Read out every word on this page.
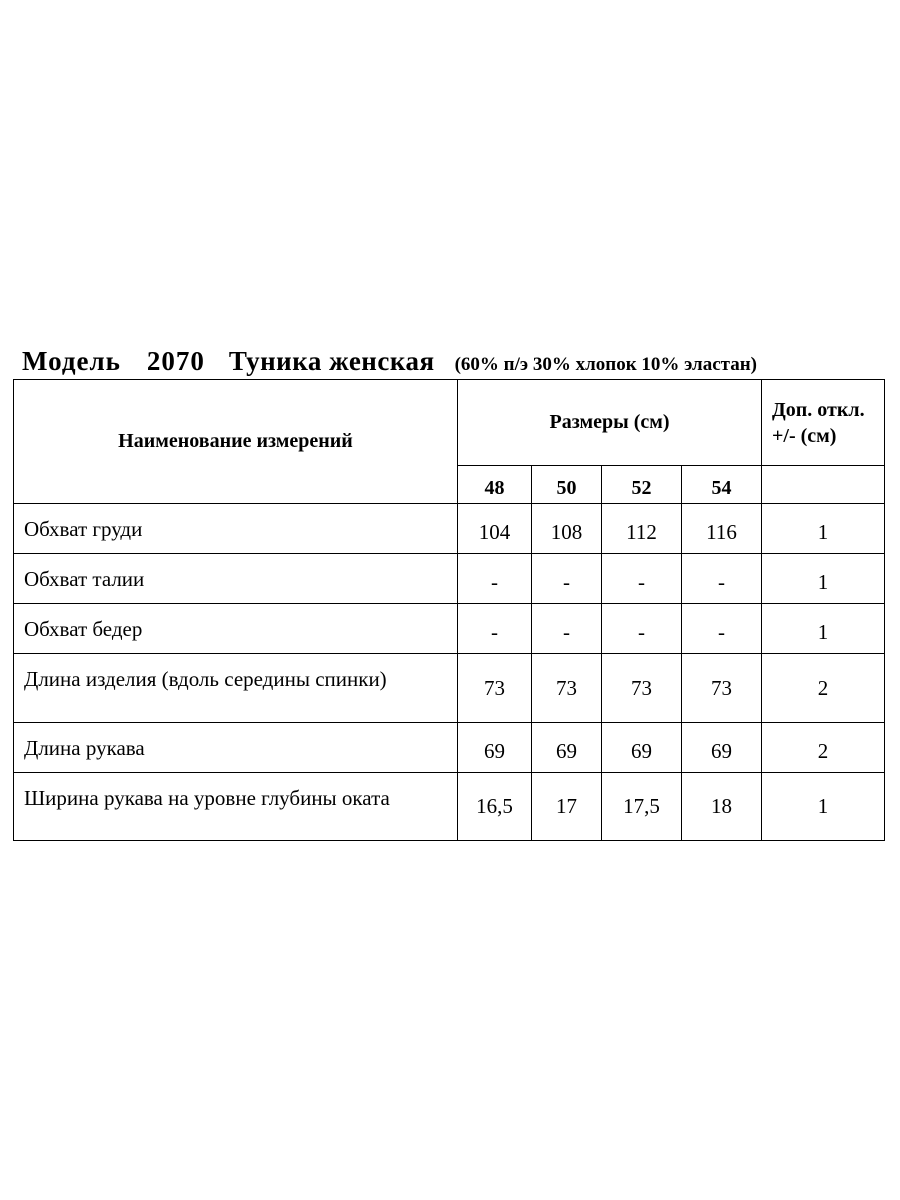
Модель 2070 Туника женская (60% п/э 30% хлопок 10% эластан)
Наименование измерений	Размеры (см)				Доп. откл. +/- (см)
	48	50	52	54	
Обхват груди	104	108	112	116	1
Обхват талии	-	-	-	-	1
Обхват бедер	-	-	-	-	1
Длина изделия (вдоль середины спинки)	73	73	73	73	2
Длина рукава	69	69	69	69	2
Ширина рукава на уровне глубины оката	16,5	17	17,5	18	1
